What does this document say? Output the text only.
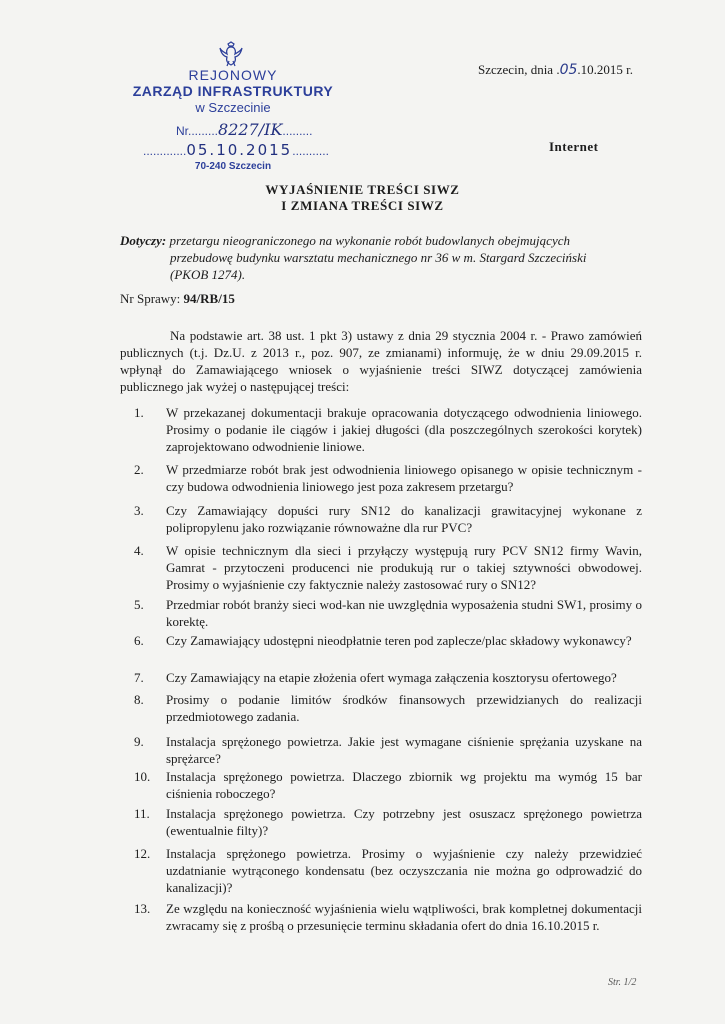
REJONOWY
ZARZĄD INFRASTRUKTURY
w Szczecinie
Nr.........8227/IK.........
.............05.10.2015...........
70-240 Szczecin
Szczecin, dnia .05.10.2015 r.
Internet
WYJAŚNIENIE TREŚCI SIWZ
I ZMIANA TREŚCI SIWZ
Dotyczy: przetargu nieograniczonego na wykonanie robót budowlanych obejmujących
przebudowę budynku warsztatu mechanicznego nr 36 w m. Stargard Szczeciński
(PKOB 1274).
Nr Sprawy: 94/RB/15
Na podstawie art. 38 ust. 1 pkt 3) ustawy z dnia 29 stycznia 2004 r. - Prawo zamówień publicznych (t.j. Dz.U. z 2013 r., poz. 907, ze zmianami) informuję, że w dniu 29.09.2015 r. wpłynął do Zamawiającego wniosek o wyjaśnienie treści SIWZ dotyczącej zamówienia publicznego jak wyżej o następującej treści:
1.	W przekazanej dokumentacji brakuje opracowania dotyczącego odwodnienia liniowego. Prosimy o podanie ile ciągów i jakiej długości (dla poszczególnych szerokości korytek) zaprojektowano odwodnienie liniowe.
2.	W przedmiarze robót brak jest odwodnienia liniowego opisanego w opisie technicznym - czy budowa odwodnienia liniowego jest poza zakresem przetargu?
3.	Czy Zamawiający dopuści rury SN12 do kanalizacji grawitacyjnej wykonane z polipropylenu jako rozwiązanie równoważne dla rur PVC?
4.	W opisie technicznym dla sieci i przyłączy występują rury PCV SN12 firmy Wavin, Gamrat - przytoczeni producenci nie produkują rur o takiej sztywności obwodowej. Prosimy o wyjaśnienie czy faktycznie należy zastosować rury o SN12?
5.	Przedmiar robót branży sieci wod-kan nie uwzględnia wyposażenia studni SW1, prosimy o korektę.
6.	Czy Zamawiający udostępni nieodpłatnie teren pod zaplecze/plac składowy wykonawcy?
7.	Czy Zamawiający na etapie złożenia ofert wymaga załączenia kosztorysu ofertowego?
8.	Prosimy o podanie limitów środków finansowych przewidzianych do realizacji przedmiotowego zadania.
9.	Instalacja sprężonego powietrza. Jakie jest wymagane ciśnienie sprężania uzyskane na sprężarce?
10.	Instalacja sprężonego powietrza. Dlaczego zbiornik wg projektu ma wymóg 15 bar ciśnienia roboczego?
11.	Instalacja sprężonego powietrza. Czy potrzebny jest osuszacz sprężonego powietrza (ewentualnie filty)?
12.	Instalacja sprężonego powietrza. Prosimy o wyjaśnienie czy należy przewidzieć uzdatnianie wytrąconego kondensatu (bez oczyszczania nie można go odprowadzić do kanalizacji)?
13.	Ze względu na konieczność wyjaśnienia wielu wątpliwości, brak kompletnej dokumentacji zwracamy się z prośbą o przesunięcie terminu składania ofert do dnia 16.10.2015 r.
Str. 1/2
